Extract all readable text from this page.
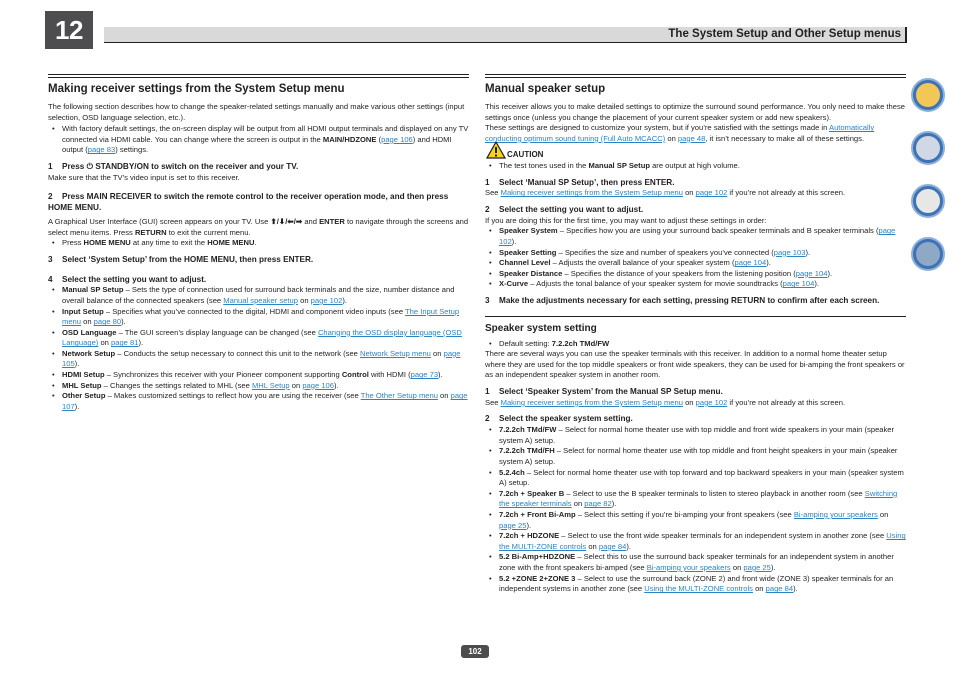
12	The System Setup and Other Setup menus
Making receiver settings from the System Setup menu

The following section describes how to change the speaker-related settings manually and make various other settings (input selection, OSD language selection, etc.).

• With factory default settings, the on-screen display will be output from all HDMI output terminals and displayed on any TV connected via HDMI cable. You can change where the screen is output in the MAIN/HDZONE (page 106) and HDMI output (page 83) settings.
1 Press ⏻ STANDBY/ON to switch on the receiver and your TV.

Make sure that the TV’s video input is set to this receiver.

2 Press MAIN RECEIVER to switch the remote control to the receiver operation mode, and then press HOME MENU.

A Graphical User Interface (GUI) screen appears on your TV. Use ⬆/⬇/⬅/➡ and ENTER to navigate through the screens and select menu items. Press RETURN to exit the current menu.

• Press HOME MENU at any time to exit the HOME MENU.
3 Select ‘System Setup’ from the HOME MENU, then press ENTER.
4 Select the setting you want to adjust.
• Manual SP Setup – Sets the type of connection used for surround back terminals and the size, number distance and overall balance of the connected speakers (see Manual speaker setup on page 102).
• Input Setup – Specifies what you’ve connected to the digital, HDMI and component video inputs (see The Input Setup menu on page 80).
• OSD Language – The GUI screen’s display language can be changed (see Changing the OSD display language (OSD Language) on page 81).
• Network Setup – Conducts the setup necessary to connect this unit to the network (see Network Setup menu on page 105).
• HDMI Setup – Synchronizes this receiver with your Pioneer component supporting Control with HDMI (page 73).
• MHL Setup – Changes the settings related to MHL (see MHL Setup on page 106).
• Other Setup – Makes customized settings to reflect how you are using the receiver (see The Other Setup menu on page 107).
Manual speaker setup

This receiver allows you to make detailed settings to optimize the surround sound performance. You only need to make these settings once (unless you change the placement of your current speaker system or add new speakers).

These settings are designed to customize your system, but if you’re satisfied with the settings made in Automatically conducting optimum sound tuning (Full Auto MCACC) on page 48, it isn’t necessary to make all of these settings.

CAUTION
• The test tones used in the Manual SP Setup are output at high volume.
1 Select ‘Manual SP Setup’, then press ENTER.

See Making receiver settings from the System Setup menu on page 102 if you’re not already at this screen.

2 Select the setting you want to adjust.

If you are doing this for the first time, you may want to adjust these settings in order:

• Speaker System – Specifies how you are using your surround back speaker terminals and B speaker terminals (page 102).
• Speaker Setting – Specifies the size and number of speakers you’ve connected (page 103).
• Channel Level – Adjusts the overall balance of your speaker system (page 104).
• Speaker Distance – Specifies the distance of your speakers from the listening position (page 104).
• X-Curve – Adjusts the tonal balance of your speaker system for movie soundtracks (page 104).
3 Make the adjustments necessary for each setting, pressing RETURN to confirm after each screen.
Speaker system setting
• Default setting: 7.2.2ch TMd/FW

There are several ways you can use the speaker terminals with this receiver. In addition to a normal home theater setup where they are used for the top middle speakers or front wide speakers, they can be used for bi-amping the front speakers or as an independent speaker system in another room.

1 Select ‘Speaker System’ from the Manual SP Setup menu.

See Making receiver settings from the System Setup menu on page 102 if you’re not already at this screen.

2 Select the speaker system setting.
• 7.2.2ch TMd/FW – Select for normal home theater use with top middle and front wide speakers in your main (speaker system A) setup.
• 7.2.2ch TMd/FH – Select for normal home theater use with top middle and front height speakers in your main (speaker system A) setup.
• 5.2.4ch – Select for normal home theater use with top forward and top backward speakers in your main (speaker system A) setup.
• 7.2ch + Speaker B – Select to use the B speaker terminals to listen to stereo playback in another room (see Switching the speaker terminals on page 82).
• 7.2ch + Front Bi-Amp – Select this setting if you’re bi-amping your front speakers (see Bi-amping your speakers on page 25).
• 7.2ch + HDZONE – Select to use the front wide speaker terminals for an independent system in another zone (see Using the MULTI-ZONE controls on page 84).
• 5.2 Bi-Amp+HDZONE – Select this to use the surround back speaker terminals for an independent system in another zone with the front speakers bi-amped (see Bi-amping your speakers on page 25).
• 5.2 +ZONE 2+ZONE 3 – Select to use the surround back (ZONE 2) and front wide (ZONE 3) speaker terminals for an independent systems in another zone (see Using the MULTI-ZONE controls on page 84).
102
